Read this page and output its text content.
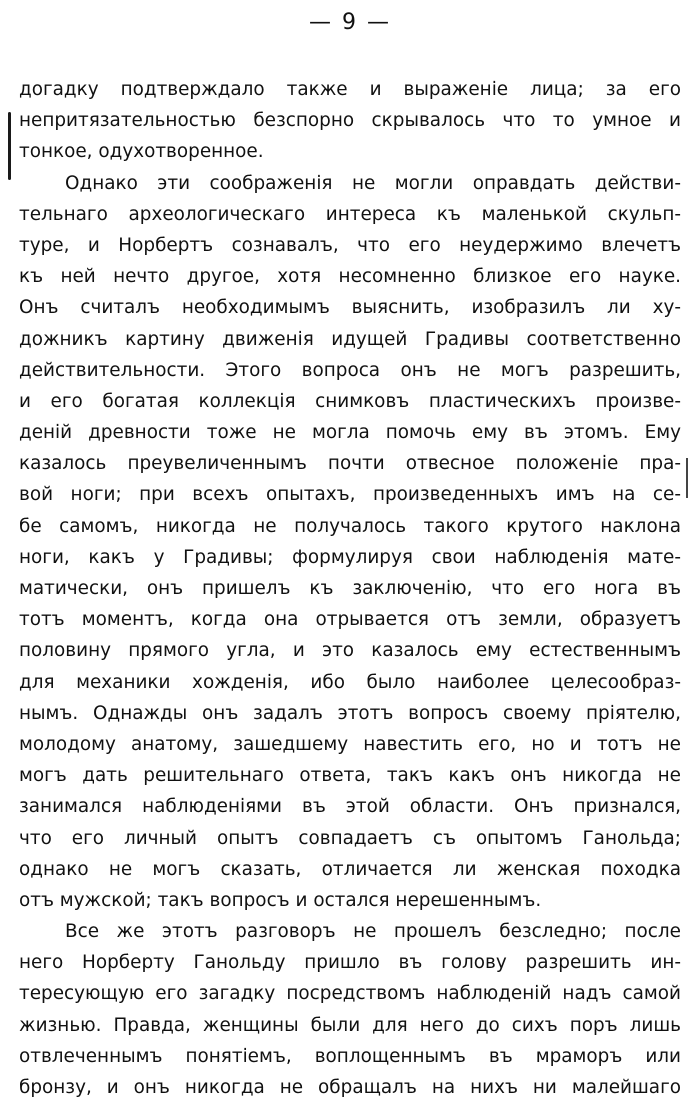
— 9 —
догадку подтверждало также и выраженіе лица; за его
непритязательностью безспорно скрывалось что то умное и
тонкое, одухотворенное.
Однако эти соображенія не могли оправдать действи-
тельнаго археологическаго интереса къ маленькой скульп-
туре, и Норбертъ сознавалъ, что его неудержимо влечетъ
къ ней нечто другое, хотя несомненно близкое его науке.
Онъ считалъ необходимымъ выяснить, изобразилъ ли ху-
дожникъ картину движенія идущей Градивы соответственно
действительности. Этого вопроса онъ не могъ разрешить,
и его богатая коллекція снимковъ пластическихъ произве-
деній древности тоже не могла помочь ему въ этомъ. Ему
казалось преувеличеннымъ почти отвесное положеніе пра-
вой ноги; при всехъ опытахъ, произведенныхъ имъ на се-
бе самомъ, никогда не получалось такого крутого наклона
ноги, какъ у Градивы; формулируя свои наблюденія мате-
матически, онъ пришелъ къ заключенію, что его нога въ
тотъ моментъ, когда она отрывается отъ земли, образуетъ
половину прямого угла, и это казалось ему естественнымъ
для механики хожденія, ибо было наиболее целесообраз-
нымъ. Однажды онъ задалъ этотъ вопросъ своему пріятелю,
молодому анатому, зашедшему навестить его, но и тотъ не
могъ дать решительнаго ответа, такъ какъ онъ никогда не
занимался наблюденіями въ этой области. Онъ признался,
что его личный опытъ совпадаетъ съ опытомъ Ганольда;
однако не могъ сказать, отличается ли женская походка
отъ мужской; такъ вопросъ и остался нерешеннымъ.
Все же этотъ разговоръ не прошелъ безследно; после
него Норберту Ганольду пришло въ голову разрешить ин-
тересующую его загадку посредствомъ наблюденій надъ самой
жизнью. Правда, женщины были для него до сихъ поръ лишь
отвлеченнымъ понятіемъ, воплощеннымъ въ мраморъ или
бронзу, и онъ никогда не обращалъ на нихъ ни малейшаго
